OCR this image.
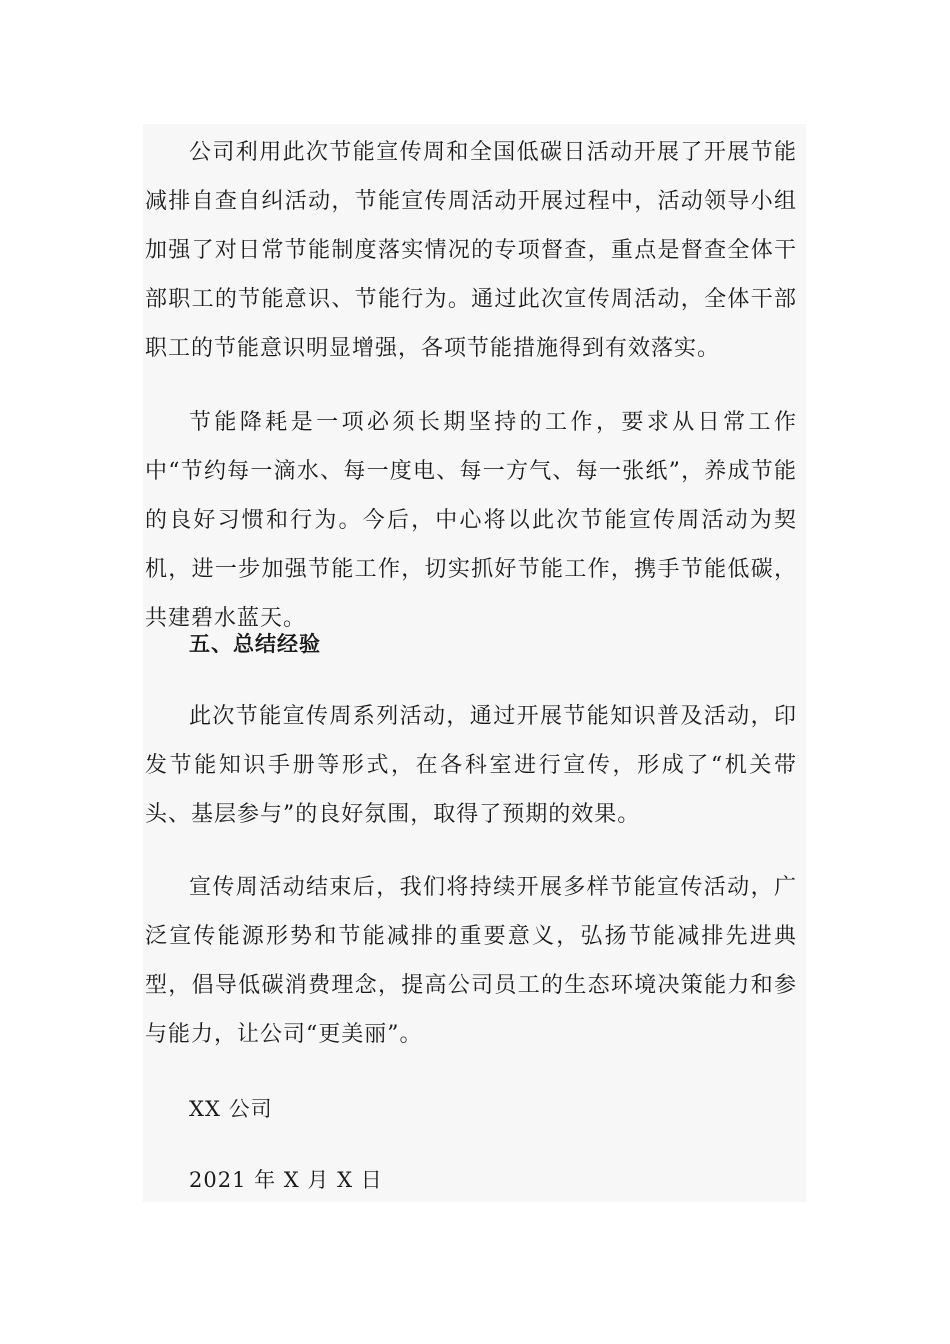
公司利用此次节能宣传周和全国低碳日活动开展了开展节能减排自查自纠活动，节能宣传周活动开展过程中，活动领导小组加强了对日常节能制度落实情况的专项督查，重点是督查全体干部职工的节能意识、节能行为。通过此次宣传周活动，全体干部职工的节能意识明显增强，各项节能措施得到有效落实。

节能降耗是一项必须长期坚持的工作，要求从日常工作中“节约每一滴水、每一度电、每一方气、每一张纸”，养成节能的良好习惯和行为。今后，中心将以此次节能宣传周活动为契机，进一步加强节能工作，切实抓好节能工作，携手节能低碳，共建碧水蓝天。

五、总结经验

此次节能宣传周系列活动，通过开展节能知识普及活动，印发节能知识手册等形式，在各科室进行宣传，形成了“机关带头、基层参与”的良好氛围，取得了预期的效果。

宣传周活动结束后，我们将持续开展多样节能宣传活动，广泛宣传能源形势和节能减排的重要意义，弘扬节能减排先进典型，倡导低碳消费理念，提高公司员工的生态环境决策能力和参与能力，让公司“更美丽”。

XX 公司

2021 年 X 月 X 日
